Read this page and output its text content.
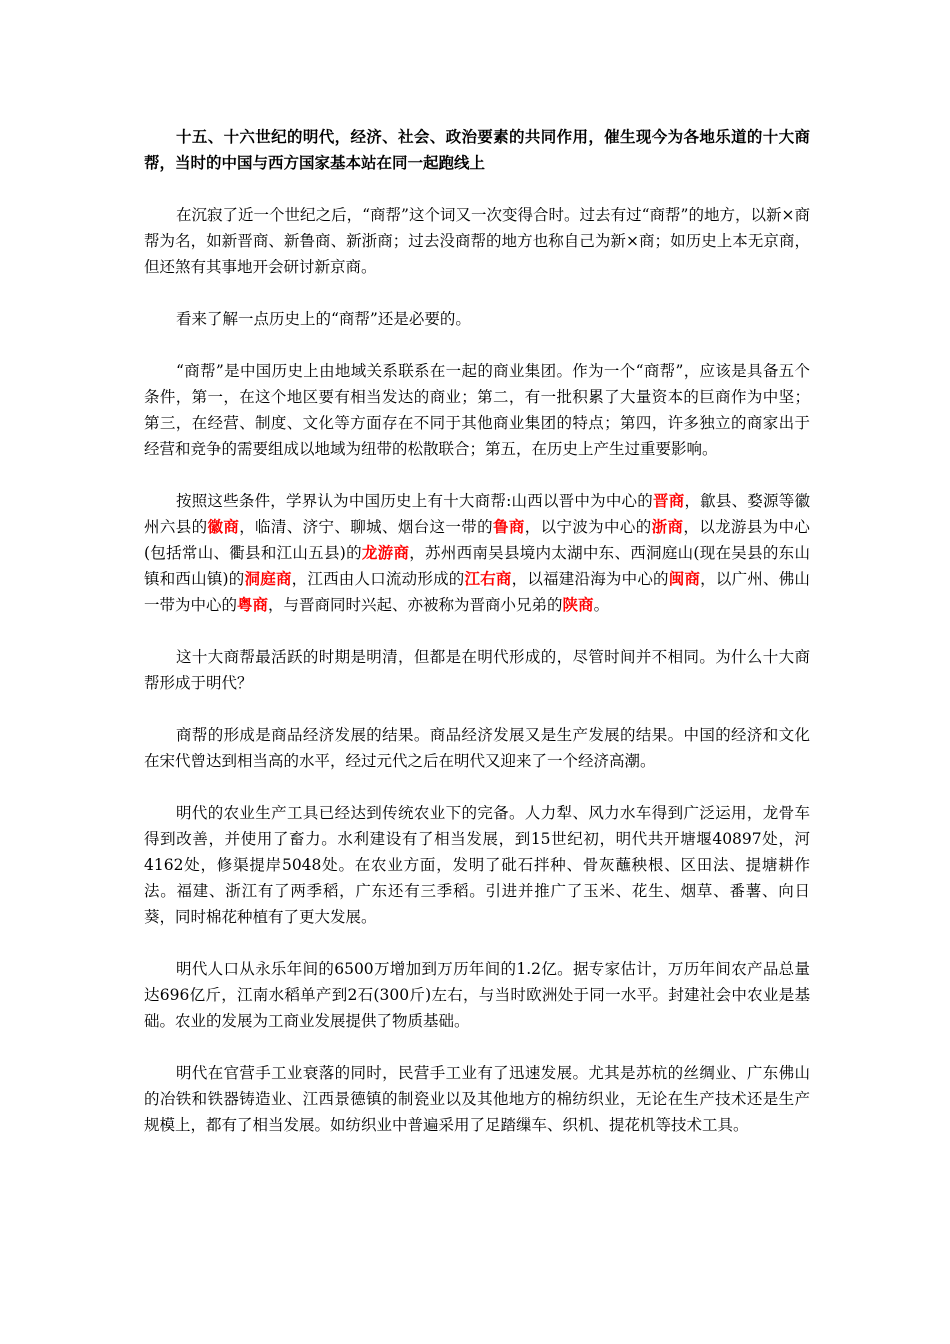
十五、十六世纪的明代，经济、社会、政治要素的共同作用，催生现今为各地乐道的十大商帮，当时的中国与西方国家基本站在同一起跑线上

在沉寂了近一个世纪之后，“商帮”这个词又一次变得合时。过去有过“商帮”的地方，以新×商帮为名，如新晋商、新鲁商、新浙商；过去没商帮的地方也称自己为新×商；如历史上本无京商，但还煞有其事地开会研讨新京商。

看来了解一点历史上的“商帮”还是必要的。

“商帮”是中国历史上由地域关系联系在一起的商业集团。作为一个“商帮”，应该是具备五个条件，第一，在这个地区要有相当发达的商业；第二，有一批积累了大量资本的巨商作为中坚；第三，在经营、制度、文化等方面存在不同于其他商业集团的特点；第四，许多独立的商家出于经营和竞争的需要组成以地域为纽带的松散联合；第五，在历史上产生过重要影响。

按照这些条件，学界认为中国历史上有十大商帮:山西以晋中为中心的晋商，歙县、婺源等徽州六县的徽商，临清、济宁、聊城、烟台这一带的鲁商，以宁波为中心的浙商，以龙游县为中心(包括常山、衢县和江山五县)的龙游商，苏州西南吴县境内太湖中东、西洞庭山(现在吴县的东山镇和西山镇)的洞庭商，江西由人口流动形成的江右商，以福建沿海为中心的闽商，以广州、佛山一带为中心的粤商，与晋商同时兴起、亦被称为晋商小兄弟的陕商。

这十大商帮最活跃的时期是明清，但都是在明代形成的，尽管时间并不相同。为什么十大商帮形成于明代？

商帮的形成是商品经济发展的结果。商品经济发展又是生产发展的结果。中国的经济和文化在宋代曾达到相当高的水平，经过元代之后在明代又迎来了一个经济高潮。

明代的农业生产工具已经达到传统农业下的完备。人力犁、风力水车得到广泛运用，龙骨车得到改善，并使用了畜力。水利建设有了相当发展，到15世纪初，明代共开塘堰40897处，河4162处，修渠提岸5048处。在农业方面，发明了砒石拌种、骨灰蘸秧根、区田法、提塘耕作法。福建、浙江有了两季稻，广东还有三季稻。引进并推广了玉米、花生、烟草、番薯、向日葵，同时棉花种植有了更大发展。

明代人口从永乐年间的6500万增加到万历年间的1.2亿。据专家估计，万历年间农产品总量达696亿斤，江南水稻单产到2石(300斤)左右，与当时欧洲处于同一水平。封建社会中农业是基础。农业的发展为工商业发展提供了物质基础。

明代在官营手工业衰落的同时，民营手工业有了迅速发展。尤其是苏杭的丝绸业、广东佛山的冶铁和铁器铸造业、江西景德镇的制瓷业以及其他地方的棉纺织业，无论在生产技术还是生产规模上，都有了相当发展。如纺织业中普遍采用了足踏缫车、织机、提花机等技术工具。
